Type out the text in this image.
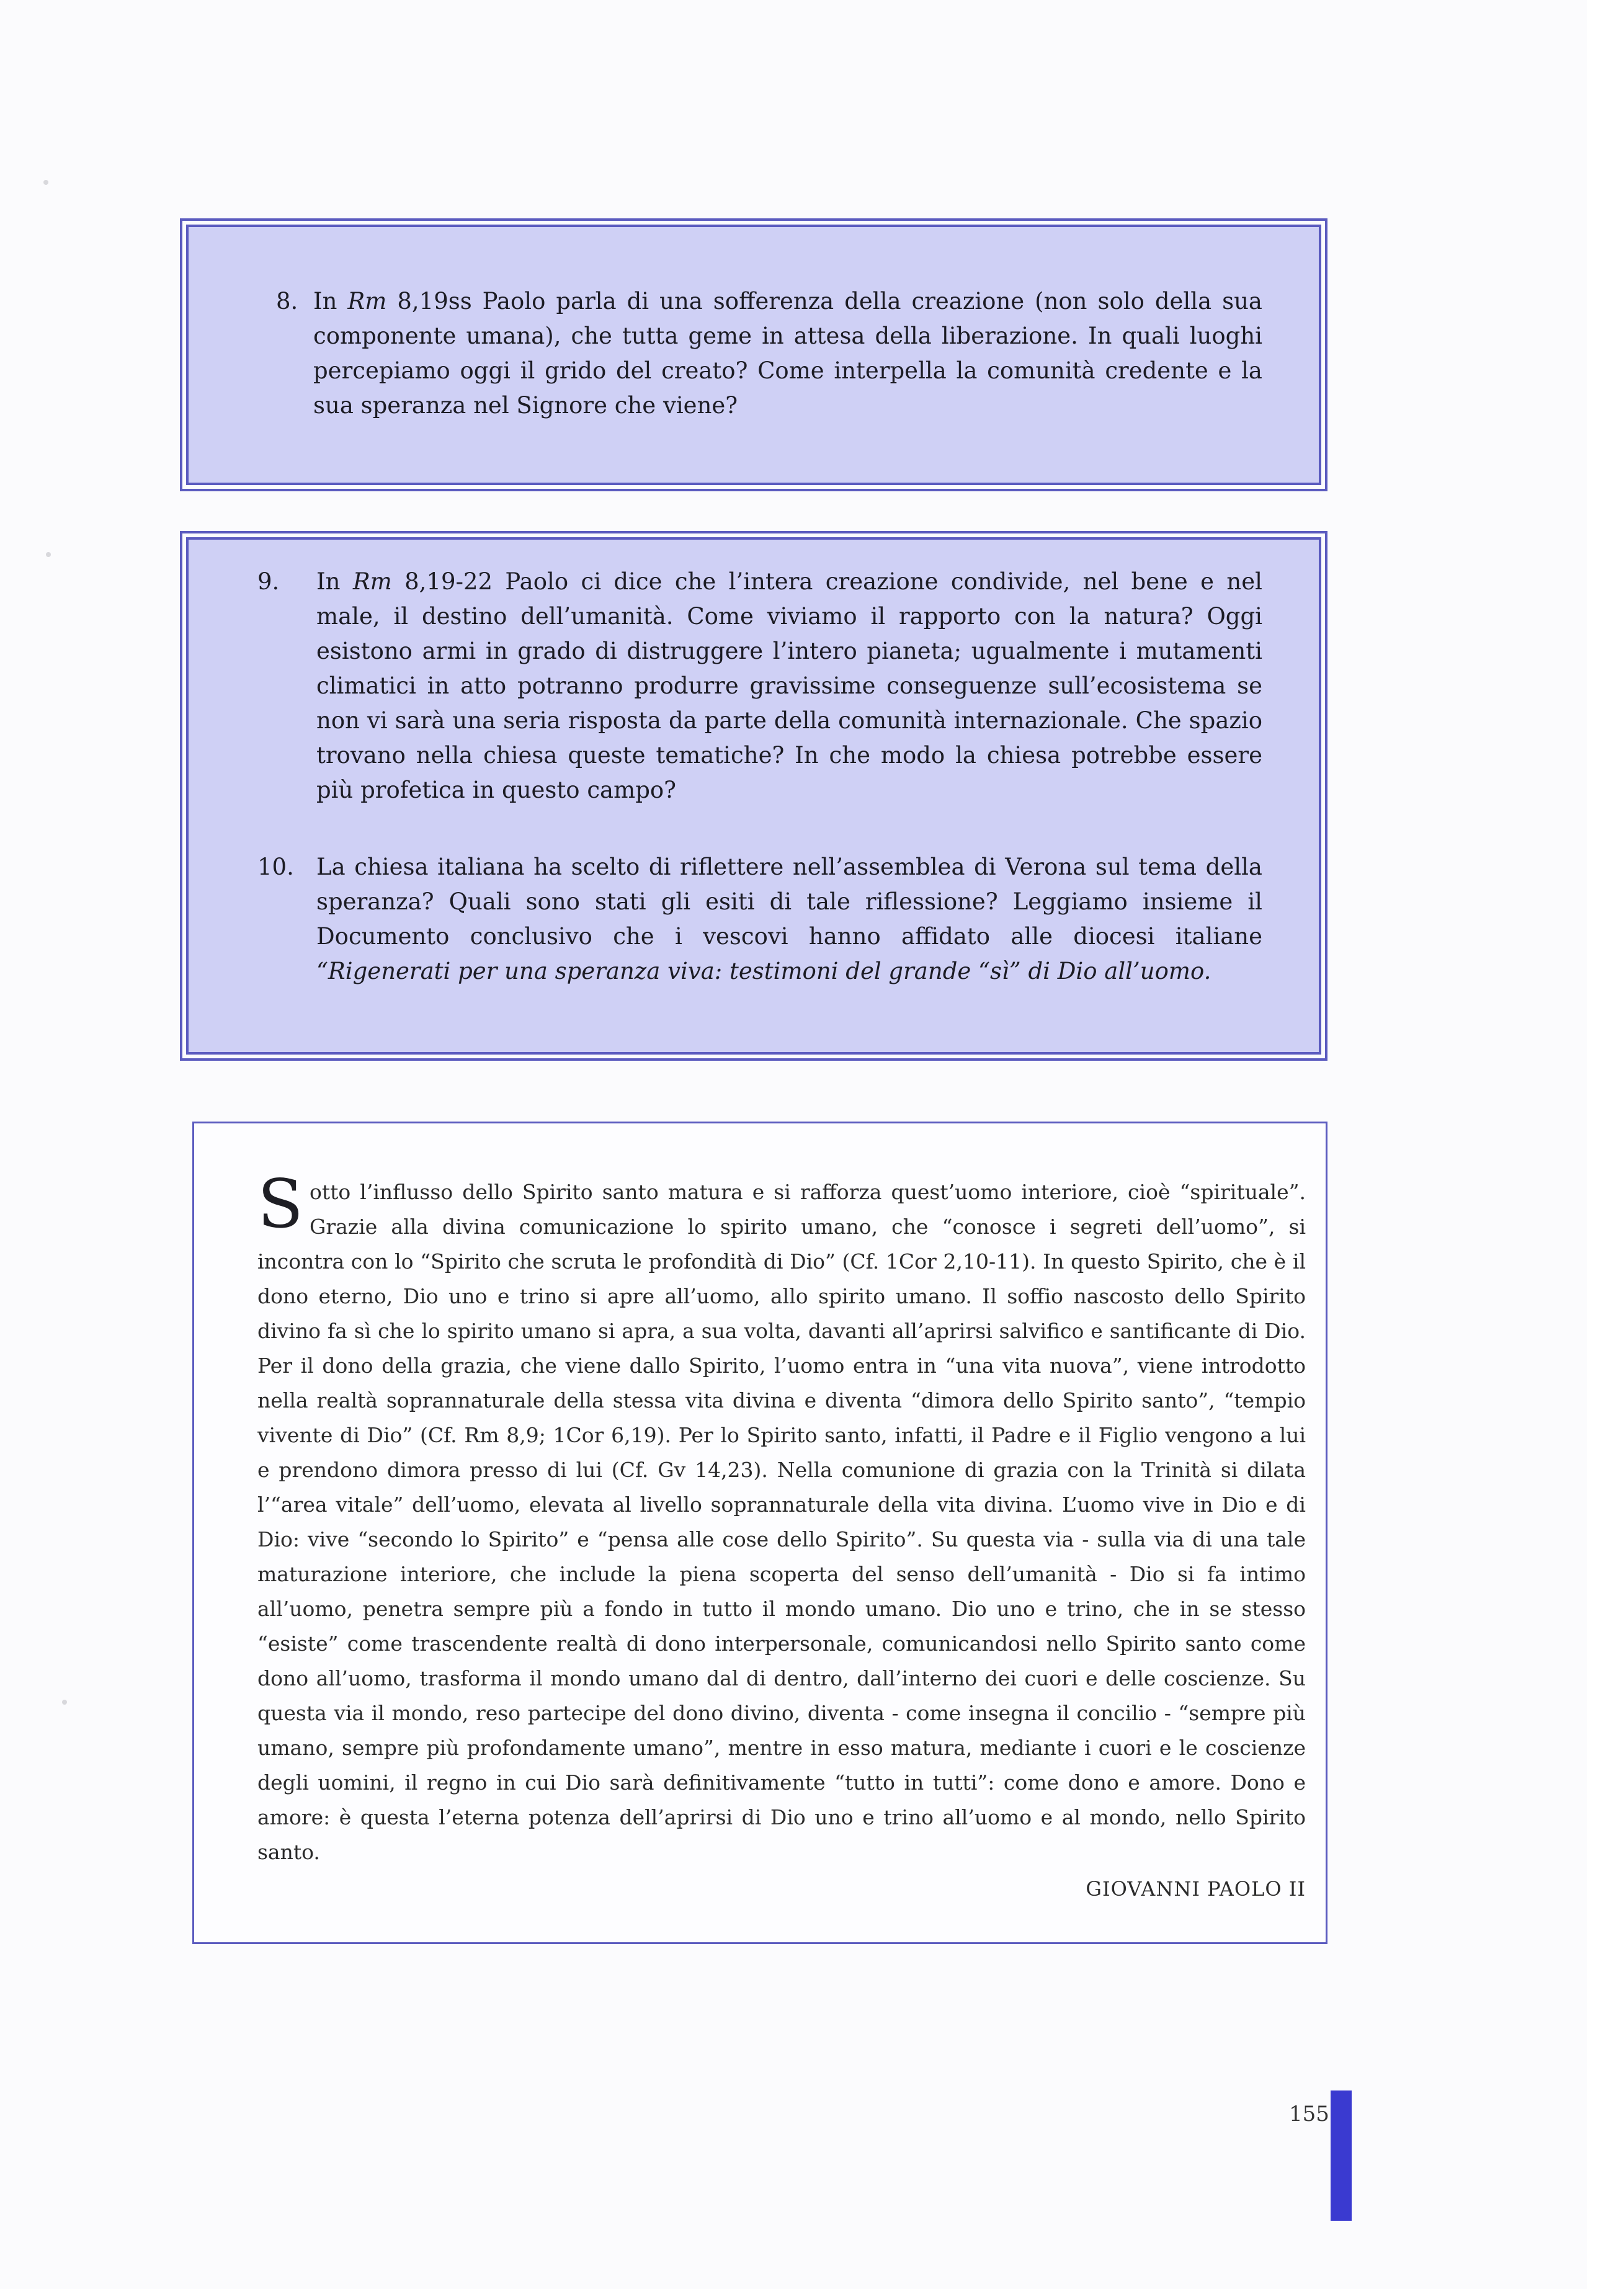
8. In Rm 8,19ss Paolo parla di una sofferenza della creazione (non solo della sua componente umana), che tutta geme in attesa della liberazione. In quali luoghi percepiamo oggi il grido del creato? Come interpella la comunità credente e la sua speranza nel Signore che viene?
9.	In Rm 8,19-22 Paolo ci dice che l’intera creazione condivide, nel bene e nel male, il destino dell’umanità. Come viviamo il rapporto con la natura? Oggi esistono armi in grado di distruggere l’intero pianeta; ugualmente i mutamenti climatici in atto potranno produrre gravissime conseguenze sull’ecosistema se non vi sarà una seria risposta da parte della comunità internazionale. Che spazio trovano nella chiesa queste tematiche? In che modo la chiesa potrebbe essere più profetica in questo campo?
10. La chiesa italiana ha scelto di riflettere nell’assemblea di Verona sul tema della speranza? Quali sono stati gli esiti di tale riflessione? Leggiamo insieme il Documento conclusivo che i vescovi hanno affidato alle diocesi italiane “Rigenerati per una speranza viva: testimoni del grande “sì” di Dio all’uomo.
Sotto l’influsso dello Spirito santo matura e si rafforza quest’uomo interiore, cioè “spirituale”. Grazie alla divina comunicazione lo spirito umano, che “conosce i segreti dell’uomo”, si incontra con lo “Spirito che scruta le profondità di Dio” (Cf. 1Cor 2,10-11). In questo Spirito, che è il dono eterno, Dio uno e trino si apre all’uomo, allo spirito umano. Il soffio nascosto dello Spirito divino fa sì che lo spirito umano si apra, a sua volta, davanti all’aprirsi salvifico e santificante di Dio. Per il dono della grazia, che viene dallo Spirito, l’uomo entra in “una vita nuova”, viene introdotto nella realtà soprannaturale della stessa vita divina e diventa “dimora dello Spirito santo”, “tempio vivente di Dio” (Cf. Rm 8,9; 1Cor 6,19). Per lo Spirito santo, infatti, il Padre e il Figlio vengono a lui e prendono dimora presso di lui (Cf. Gv 14,23). Nella comunione di grazia con la Trinità si dilata l’“area vitale” dell’uomo, elevata al livello soprannaturale della vita divina. L’uomo vive in Dio e di Dio: vive “secondo lo Spirito” e “pensa alle cose dello Spirito”. Su questa via - sulla via di una tale maturazione interiore, che include la piena scoperta del senso dell’umanità - Dio si fa intimo all’uomo, penetra sempre più a fondo in tutto il mondo umano. Dio uno e trino, che in se stesso “esiste” come trascendente realtà di dono interpersonale, comunicandosi nello Spirito santo come dono all’uomo, trasforma il mondo umano dal di dentro, dall’interno dei cuori e delle coscienze. Su questa via il mondo, reso partecipe del dono divino, diventa - come insegna il concilio - “sempre più umano, sempre più profondamente umano”, mentre in esso matura, mediante i cuori e le coscienze degli uomini, il regno in cui Dio sarà definitivamente “tutto in tutti”: come dono e amore. Dono e amore: è questa l’eterna potenza dell’aprirsi di Dio uno e trino all’uomo e al mondo, nello Spirito santo.
GIOVANNI PAOLO II
155
